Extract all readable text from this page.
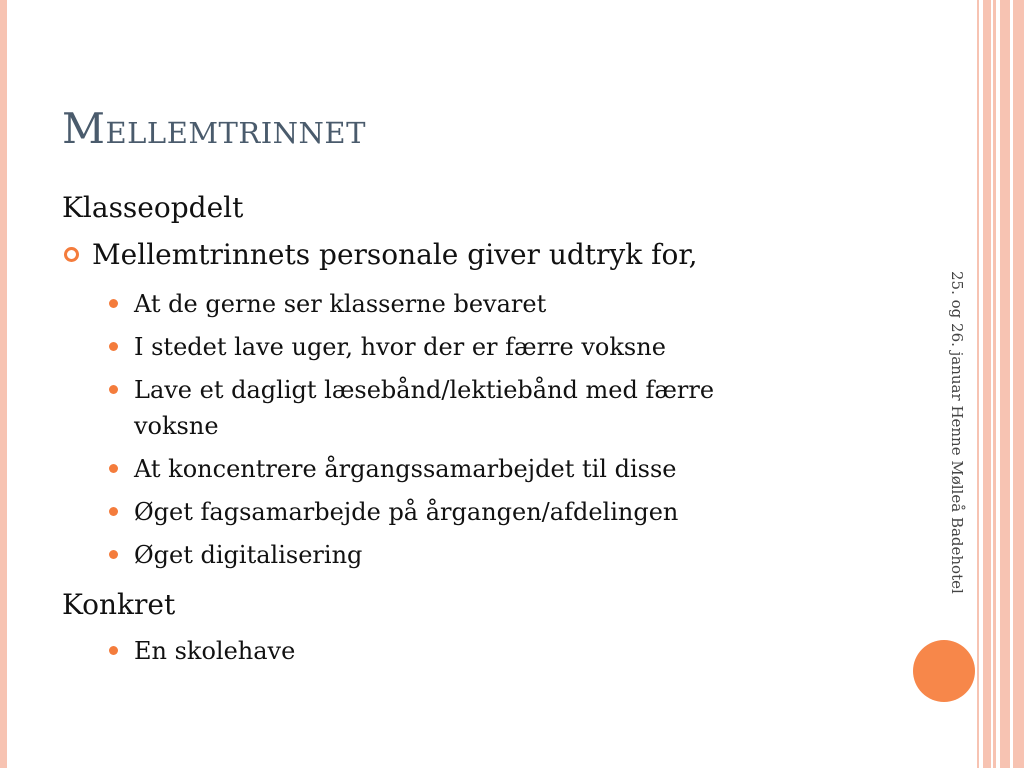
Mellemtrinnet

Klasseopdelt

Mellemtrinnets personale giver udtryk for,

At de gerne ser klasserne bevaret
I stedet lave uger, hvor der er færre voksne
Lave et dagligt læsebånd/lektiebånd med færre voksne
At koncentrere årgangssamarbejdet til disse
Øget fagsamarbejde på årgangen/afdelingen
Øget digitalisering

Konkret

En skolehave
25. og 26. januar Henne Mølleå Badehotel
